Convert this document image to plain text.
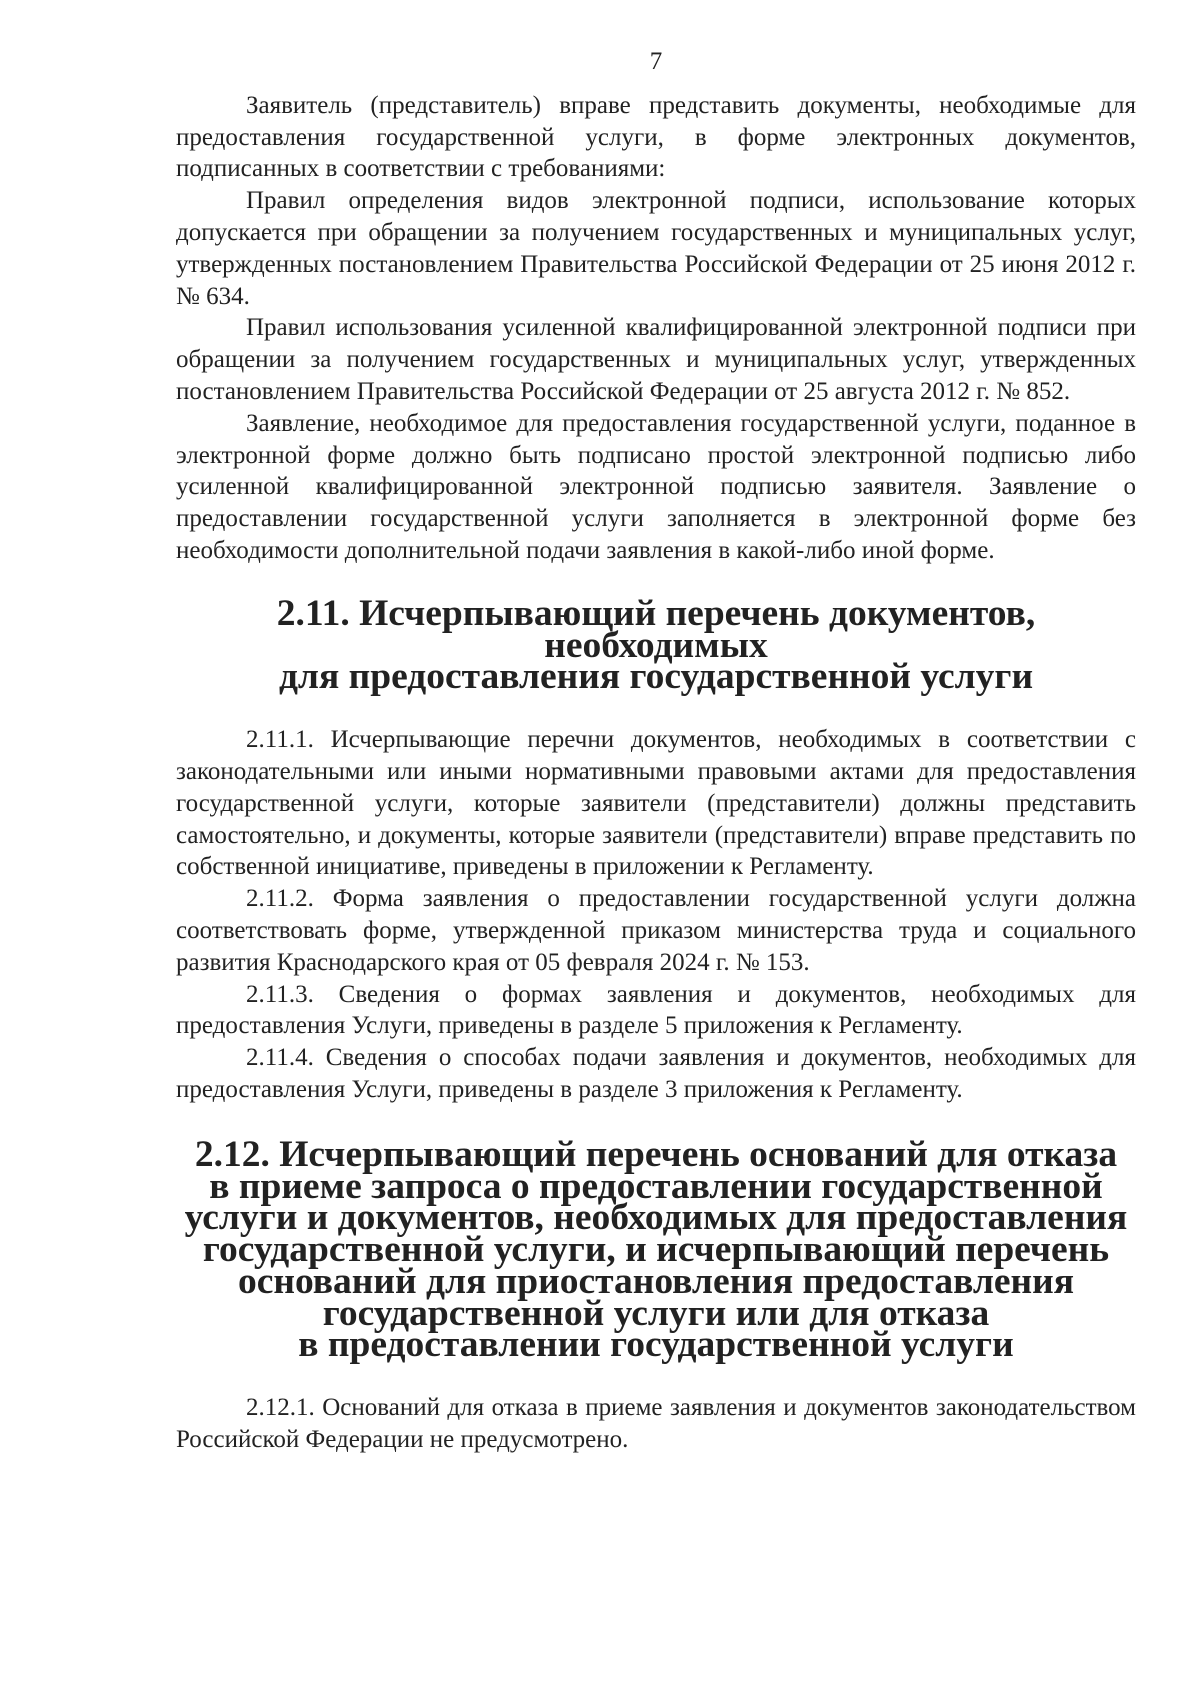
7

Заявитель (представитель) вправе представить документы, необходимые для предоставления государственной услуги, в форме электронных документов, подписанных в соответствии с требованиями:

Правил определения видов электронной подписи, использование которых допускается при обращении за получением государственных и муниципальных услуг, утвержденных постановлением Правительства Российской Федерации от 25 июня 2012 г. № 634.

Правил использования усиленной квалифицированной электронной подписи при обращении за получением государственных и муниципальных услуг, утвержденных постановлением Правительства Российской Федерации от 25 августа 2012 г. № 852.

Заявление, необходимое для предоставления государственной услуги, поданное в электронной форме должно быть подписано простой электронной подписью либо усиленной квалифицированной электронной подписью заявителя. Заявление о предоставлении государственной услуги заполняется в электронной форме без необходимости дополнительной подачи заявления в какой-либо иной форме.

2.11. Исчерпывающий перечень документов, необходимых
для предоставления государственной услуги

2.11.1. Исчерпывающие перечни документов, необходимых в соответствии с законодательными или иными нормативными правовыми актами для предоставления государственной услуги, которые заявители (представители) должны представить самостоятельно, и документы, которые заявители (представители) вправе представить по собственной инициативе, приведены в приложении к Регламенту.

2.11.2. Форма заявления о предоставлении государственной услуги должна соответствовать форме, утвержденной приказом министерства труда и социального развития Краснодарского края от 05 февраля 2024 г. № 153.

2.11.3. Сведения о формах заявления и документов, необходимых для предоставления Услуги, приведены в разделе 5 приложения к Регламенту.

2.11.4. Сведения о способах подачи заявления и документов, необходимых для предоставления Услуги, приведены в разделе 3 приложения к Регламенту.

2.12. Исчерпывающий перечень оснований для отказа
в приеме запроса о предоставлении государственной
услуги и документов, необходимых для предоставления
государственной услуги, и исчерпывающий перечень
оснований для приостановления предоставления
государственной услуги или для отказа
в предоставлении государственной услуги

2.12.1. Оснований для отказа в приеме заявления и документов законодательством Российской Федерации не предусмотрено.
